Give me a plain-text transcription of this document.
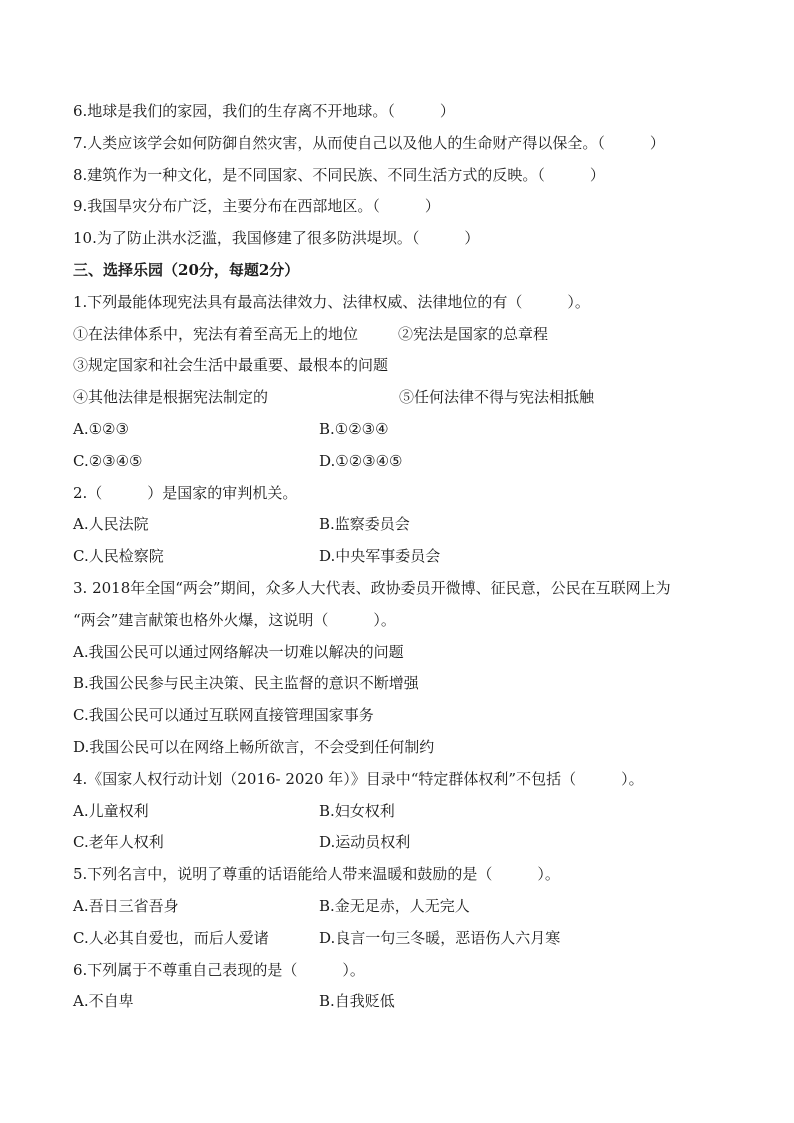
6.地球是我们的家园，我们的生存离不开地球。（　　　）
7.人类应该学会如何防御自然灾害，从而使自己以及他人的生命财产得以保全。（　　　）
8.建筑作为一种文化，是不同国家、不同民族、不同生活方式的反映。（　　　）
9.我国旱灾分布广泛，主要分布在西部地区。（　　　）
10.为了防止洪水泛滥，我国修建了很多防洪堤坝。（　　　）
三、选择乐园（20分，每题2分）
1.下列最能体现宪法具有最高法律效力、法律权威、法律地位的有（　　　）。
①在法律体系中，宪法有着至高无上的地位	②宪法是国家的总章程
③规定国家和社会生活中最重要、最根本的问题
④其他法律是根据宪法制定的	⑤任何法律不得与宪法相抵触
A.①②③	B.①②③④
C.②③④⑤	D.①②③④⑤
2.（　　　）是国家的审判机关。
A.人民法院	B.监察委员会
C.人民检察院	D.中央军事委员会
3. 2018年全国“两会”期间，众多人大代表、政协委员开微博、征民意，公民在互联网上为
“两会”建言献策也格外火爆，这说明（　　　）。
A.我国公民可以通过网络解决一切难以解决的问题
B.我国公民参与民主决策、民主监督的意识不断增强
C.我国公民可以通过互联网直接管理国家事务
D.我国公民可以在网络上畅所欲言，不会受到任何制约
4.《国家人权行动计划（2016- 2020 年）》目录中“特定群体权利”不包括（　　　）。
A.儿童权利	B.妇女权利
C.老年人权利	D.运动员权利
5.下列名言中，说明了尊重的话语能给人带来温暖和鼓励的是（　　　）。
A.吾日三省吾身	B.金无足赤，人无完人
C.人必其自爱也，而后人爱诸	D.良言一句三冬暖，恶语伤人六月寒
6.下列属于不尊重自己表现的是（　　　）。
A.不自卑	B.自我贬低
